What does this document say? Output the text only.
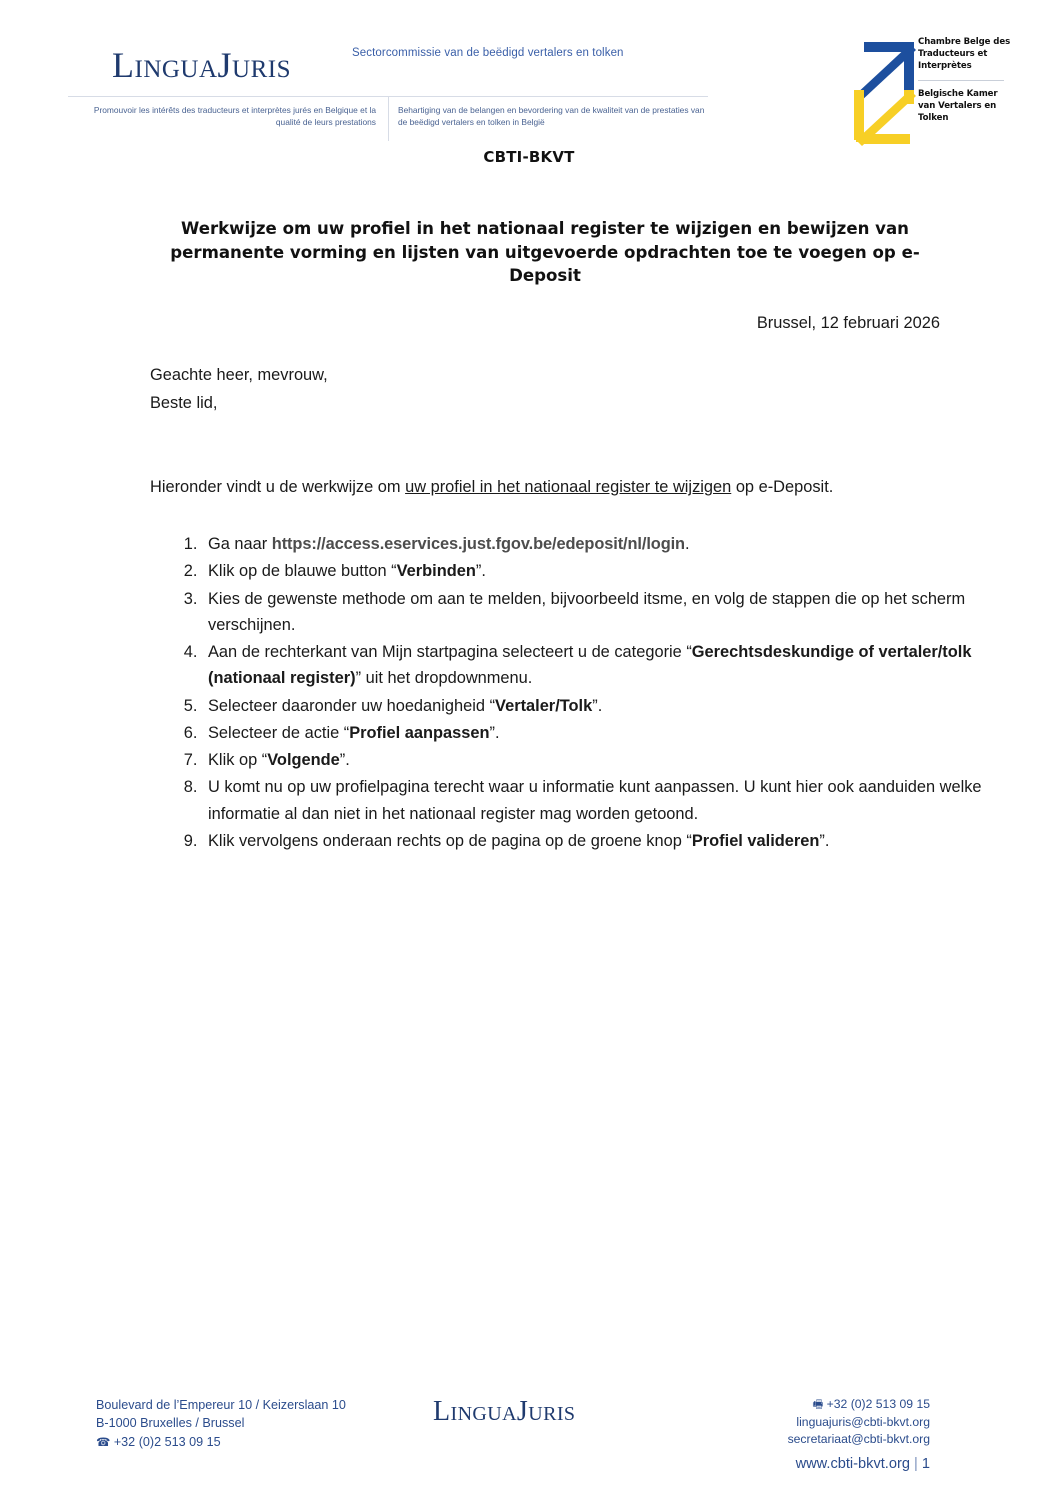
LinguaJuris	Sectorcommissie van de beëdigd vertalers en tolken
Promouvoir les intérêts des traducteurs et interprètes jurés en Belgique et la qualité de leurs prestations
Behartiging van de belangen en bevordering van de kwaliteit van de prestaties van de beëdigd vertalers en tolken in België
Chambre Belge des Traducteurs et Interprètes
Belgische Kamer van Vertalers en Tolken
CBTI-BKVT
Werkwijze om uw profiel in het nationaal register te wijzigen en bewijzen van permanente vorming en lijsten van uitgevoerde opdrachten toe te voegen op e-Deposit
Brussel, 12 februari 2026
Geachte heer, mevrouw,
Beste lid,

Hieronder vindt u de werkwijze om uw profiel in het nationaal register te wijzigen op e-Deposit.

1. Ga naar https://access.eservices.just.fgov.be/edeposit/nl/login.
2. Klik op de blauwe button “Verbinden”.
3. Kies de gewenste methode om aan te melden, bijvoorbeeld itsme, en volg de stappen die op het scherm verschijnen.
4. Aan de rechterkant van Mijn startpagina selecteert u de categorie “Gerechtsdeskundige of vertaler/tolk (nationaal register)” uit het dropdownmenu.
5. Selecteer daaronder uw hoedanigheid “Vertaler/Tolk”.
6. Selecteer de actie “Profiel aanpassen”.
7. Klik op “Volgende”.
8. U komt nu op uw profielpagina terecht waar u informatie kunt aanpassen. U kunt hier ook aanduiden welke informatie al dan niet in het nationaal register mag worden getoond.
9. Klik vervolgens onderaan rechts op de pagina op de groene knop “Profiel valideren”.
Boulevard de l’Empereur 10 / Keizerslaan 10
B-1000 Bruxelles / Brussel
☎ +32 (0)2 513 09 15
LinguaJuris	🖷 +32 (0)2 513 09 15
linguajuris@cbti-bkvt.org
secretariaat@cbti-bkvt.org
www.cbti-bkvt.org | 1
